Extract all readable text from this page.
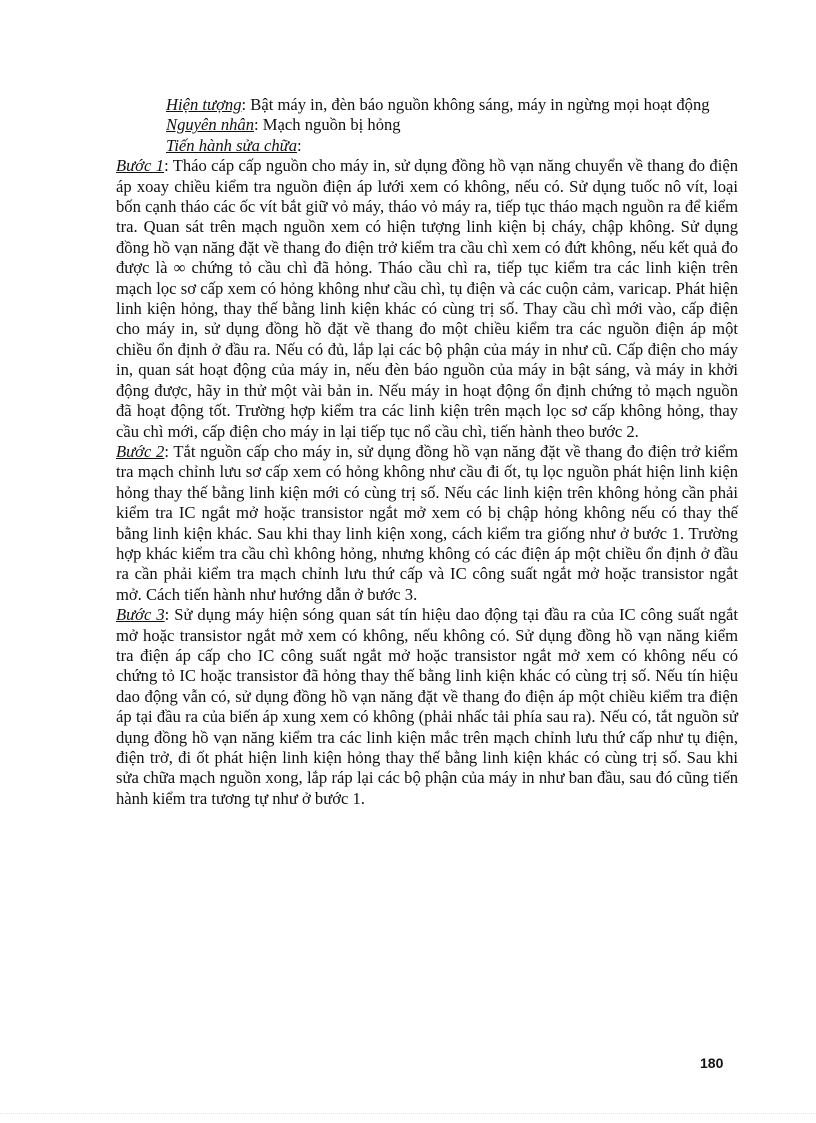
Hiện tượng: Bật máy in, đèn báo nguồn không sáng, máy in ngừng mọi hoạt động

Nguyên nhân: Mạch nguồn bị hỏng

Tiến hành sửa chữa:

Bước 1: Tháo cáp cấp nguồn cho máy in, sử dụng đồng hồ vạn năng chuyển về thang đo điện áp xoay chiều kiểm tra nguồn điện áp lưới xem có không, nếu có. Sử dụng tuốc nô vít, loại bốn cạnh tháo các ốc vít bắt giữ vỏ máy, tháo vỏ máy ra, tiếp tục tháo mạch nguồn ra để kiểm tra. Quan sát trên mạch nguồn xem có hiện tượng linh kiện bị cháy, chập không. Sử dụng đồng hồ vạn năng đặt về thang đo điện trở kiểm tra cầu chì xem có đứt không, nếu kết quả đo được là ∞ chứng tỏ cầu chì đã hỏng. Tháo cầu chì ra, tiếp tục kiểm tra các linh kiện trên mạch lọc sơ cấp xem có hỏng không như cầu chì, tụ điện và các cuộn cảm, varicap. Phát hiện linh kiện hỏng, thay thế bằng linh kiện khác có cùng trị số. Thay cầu chì mới vào, cấp điện cho máy in, sử dụng đồng hồ đặt về thang đo một chiều kiểm tra các nguồn điện áp một chiều ổn định ở đầu ra. Nếu có đủ, lắp lại các bộ phận của máy in như cũ. Cấp điện cho máy in, quan sát hoạt động của máy in, nếu đèn báo nguồn của máy in bật sáng, và máy in khởi động được, hãy in thử một vài bản in. Nếu máy in hoạt động ổn định chứng tỏ mạch nguồn đã hoạt động tốt. Trường hợp kiểm tra các linh kiện trên mạch lọc sơ cấp không hỏng, thay cầu chì mới, cấp điện cho máy in lại tiếp tục nổ cầu chì, tiến hành theo bước 2.

Bước 2: Tắt nguồn cấp cho máy in, sử dụng đồng hồ vạn năng đặt về thang đo điện trở kiểm tra mạch chỉnh lưu sơ cấp xem có hỏng không như cầu đi ốt, tụ lọc nguồn phát hiện linh kiện hỏng thay thế bằng linh kiện mới có cùng trị số. Nếu các linh kiện trên không hỏng cần phải kiểm tra IC ngắt mở hoặc transistor ngắt mở xem có bị chập hỏng không nếu có thay thế bằng linh kiện khác. Sau khi thay linh kiện xong, cách kiểm tra giống như ở bước 1. Trường hợp khác kiểm tra cầu chì không hỏng, nhưng không có các điện áp một chiều ổn định ở đầu ra cần phải kiểm tra mạch chỉnh lưu thứ cấp và IC công suất ngắt mở hoặc transistor ngắt mở. Cách tiến hành như hướng dẫn ở bước 3.

Bước 3: Sử dụng máy hiện sóng quan sát tín hiệu dao động tại đầu ra của IC công suất ngắt mở hoặc transistor ngắt mở xem có không, nếu không có. Sử dụng đồng hồ vạn năng kiểm tra điện áp cấp cho IC công suất ngắt mở hoặc transistor ngắt mở xem có không nếu có chứng tỏ IC hoặc transistor đã hỏng thay thế bằng linh kiện khác có cùng trị số. Nếu tín hiệu dao động vẫn có, sử dụng đồng hồ vạn năng đặt về thang đo điện áp một chiều kiểm tra điện áp tại đầu ra của biến áp xung xem có không (phải nhấc tải phía sau ra). Nếu có, tắt nguồn sử dụng đồng hồ vạn năng kiểm tra các linh kiện mắc trên mạch chỉnh lưu thứ cấp như tụ điện, điện trở, đi ốt phát hiện linh kiện hỏng thay thế bằng linh kiện khác có cùng trị số. Sau khi sửa chữa mạch nguồn xong, lắp ráp lại các bộ phận của máy in như ban đầu, sau đó cũng tiến hành kiểm tra tương tự như ở bước 1.

180
